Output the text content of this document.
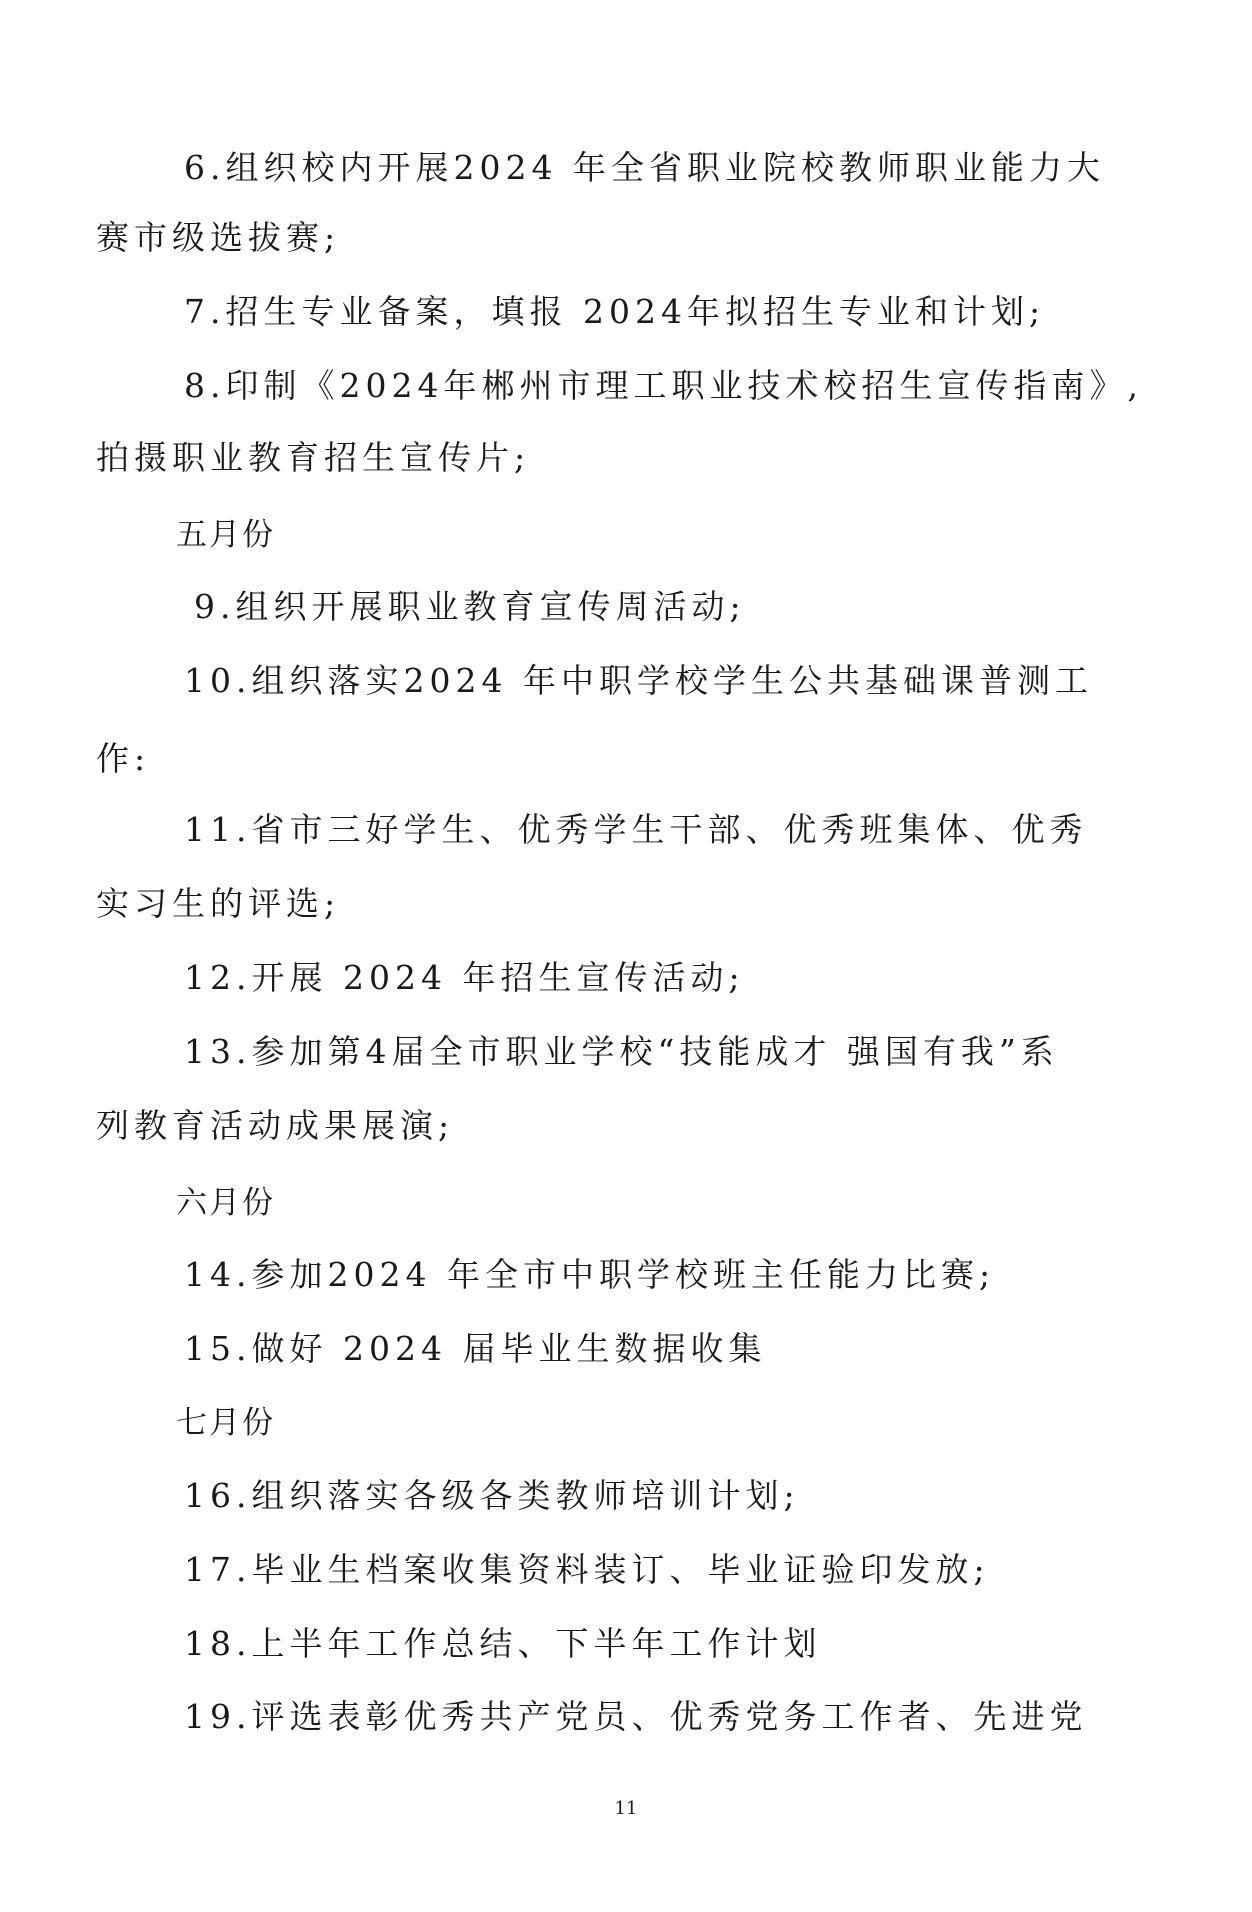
6.组织校内开展2024 年全省职业院校教师职业能力大
赛市级选拔赛;
7.招生专业备案，填报 2024年拟招生专业和计划;
8.印制《2024年郴州市理工职业技术校招生宣传指南》,
拍摄职业教育招生宣传片;
五月份
9.组织开展职业教育宣传周活动;
10.组织落实2024 年中职学校学生公共基础课普测工
作:
11.省市三好学生、优秀学生干部、优秀班集体、优秀
实习生的评选;
12.开展 2024 年招生宣传活动;
13.参加第4届全市职业学校“技能成才 强国有我”系
列教育活动成果展演;
六月份
14.参加2024 年全市中职学校班主任能力比赛;
15.做好 2024 届毕业生数据收集
七月份
16.组织落实各级各类教师培训计划;
17.毕业生档案收集资料装订、毕业证验印发放;
18.上半年工作总结、下半年工作计划
19.评选表彰优秀共产党员、优秀党务工作者、先进党
11
